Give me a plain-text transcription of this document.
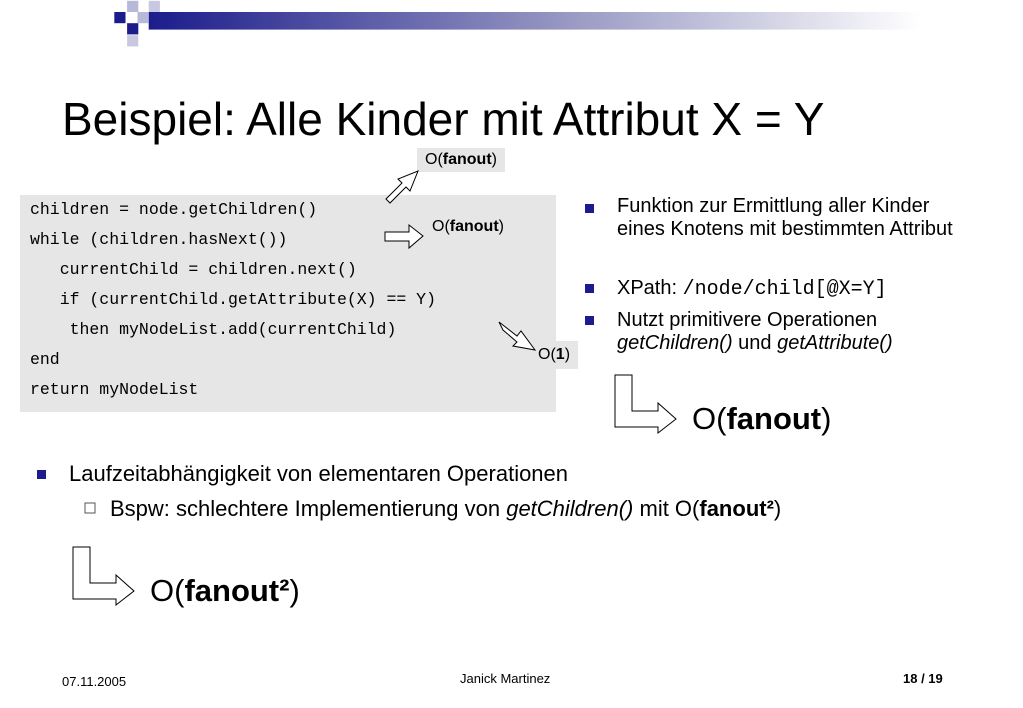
Beispiel: Alle Kinder mit Attribut X = Y
children = node.getChildren()
while (children.hasNext())
currentChild = children.next()
if (currentChild.getAttribute(X) == Y)
then myNodeList.add(currentChild)
end
return myNodeList
O(fanout)
O(fanout)
O(1)
Funktion zur Ermittlung aller Kinder eines Knotens mit bestimmten Attribut
XPath: /node/child[@X=Y]
Nutzt primitivere Operationen
getChildren() und getAttribute()
O(fanout)
Laufzeitabhängigkeit von elementaren Operationen
Bspw: schlechtere Implementierung von getChildren() mit O(fanout²)
O(fanout²)
07.11.2005	Janick Martinez	18 / 19
